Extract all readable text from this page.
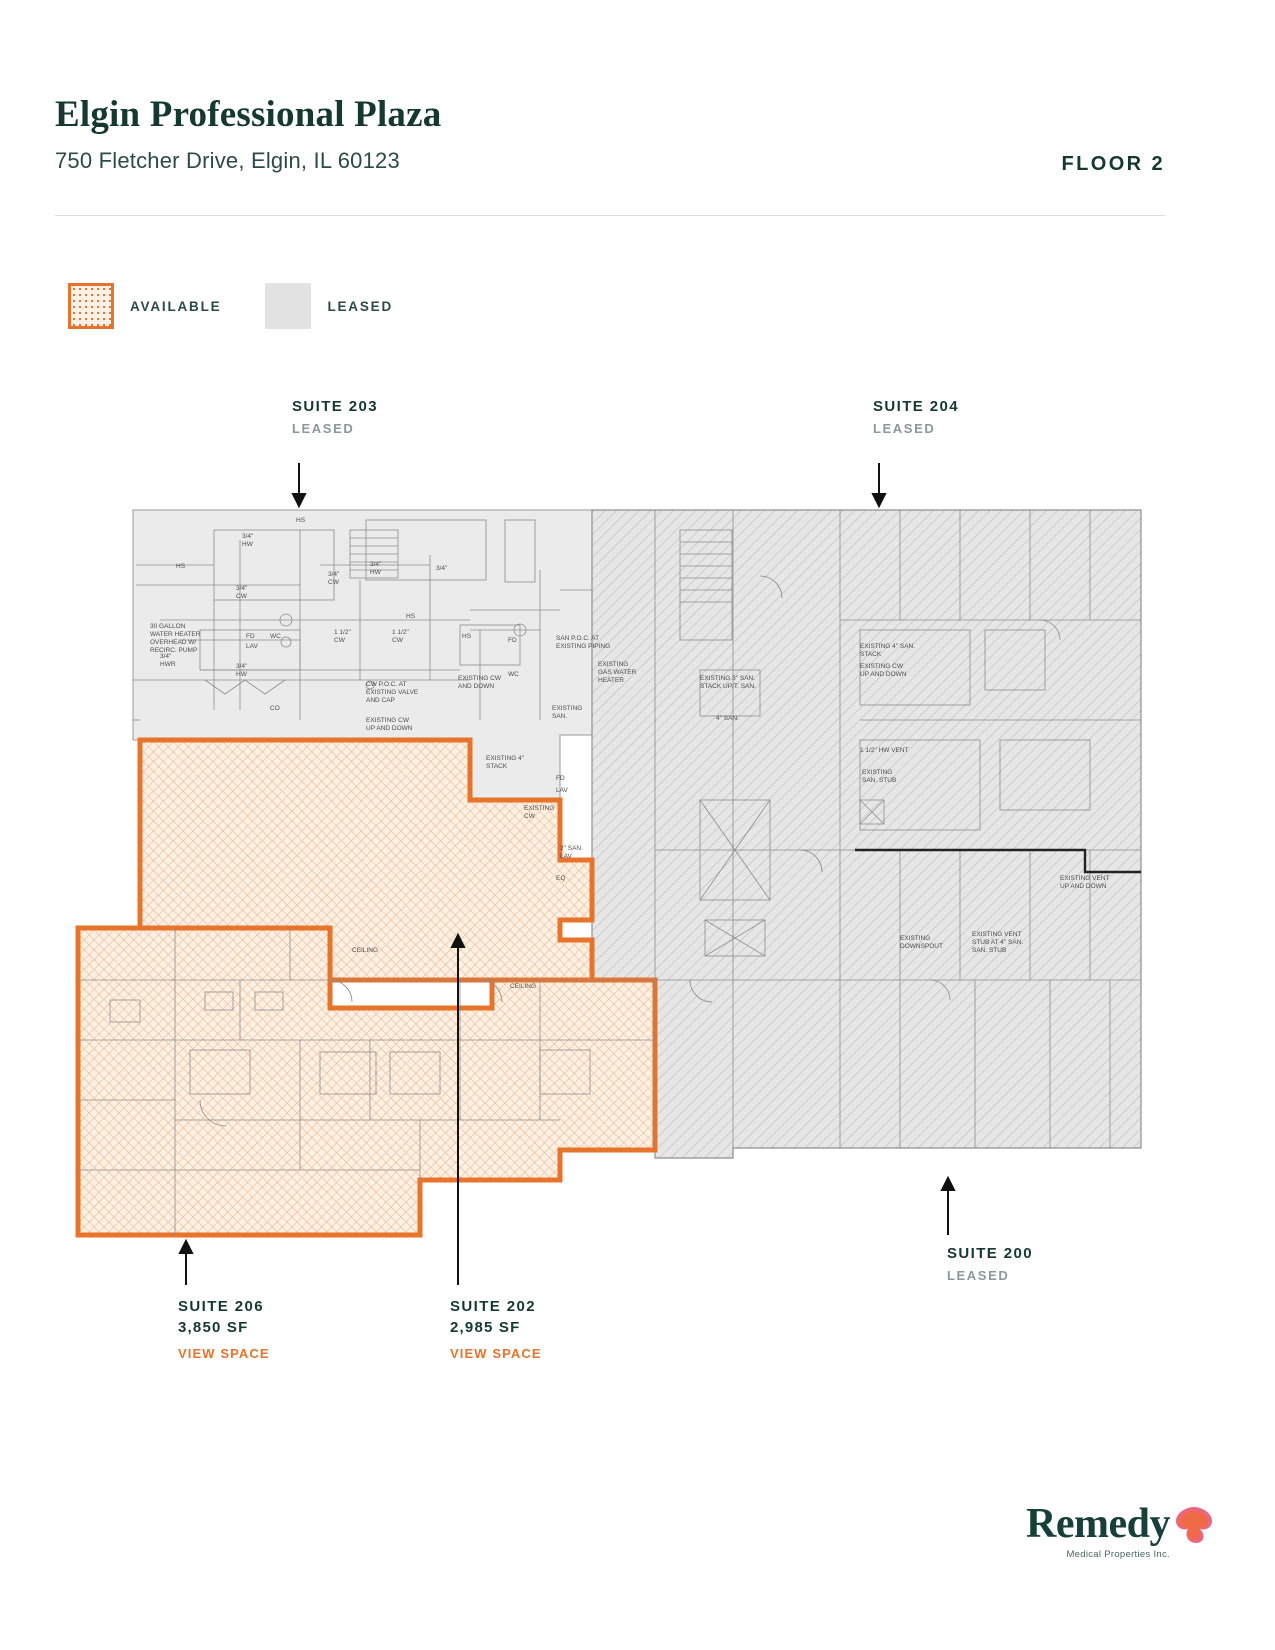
Elgin Professional Plaza
750 Fletcher Drive, Elgin, IL 60123	FLOOR 2
AVAILABLE	LEASED
30 GALLON
WATER HEATER
OVERHEAD W/
RECIRC. PUMP
FD
LAV
HS
HS
3/4"
HW
3/4"
CW
3/4"
HW
3/4"
HWR
3/4"
CW
3/4"
HW
3/4"
1 1/2"
CW
1 1/2"
CW
HS
HS
FD
WC
WC
CO
CW P.O.C. AT
EXISTING VALVE
AND CAP
EXISTING CW
UP AND DOWN
EXISTING CW
AND DOWN
SAN P.O.C. AT
EXISTING PIPING
EXISTING 4"
STACK
EXISTING
GAS WATER
HEATER
EXISTING
SAN.
FD
LAV
2" SAN.
LAV
EQ
EXISTING
CW
EXISTING 3" SAN.
STACK UP/T. SAN.
4" SAN.
EXISTING 4" SAN.
STACK
EXISTING CW
UP AND DOWN
1 1/2" HW VENT
EXISTING
SAN. STUB
EXISTING
DOWNSPOUT
EXISTING VENT
STUB AT 4" SAN.
SAN. STUB
EXISTING VENT
UP AND DOWN
CEILING
CEILING
SUITE 203
LEASED
SUITE 204
LEASED
SUITE 200
LEASED
SUITE 206
3,850 SF
VIEW SPACE
SUITE 202
2,985 SF
VIEW SPACE
Remedy
Medical Properties Inc.
